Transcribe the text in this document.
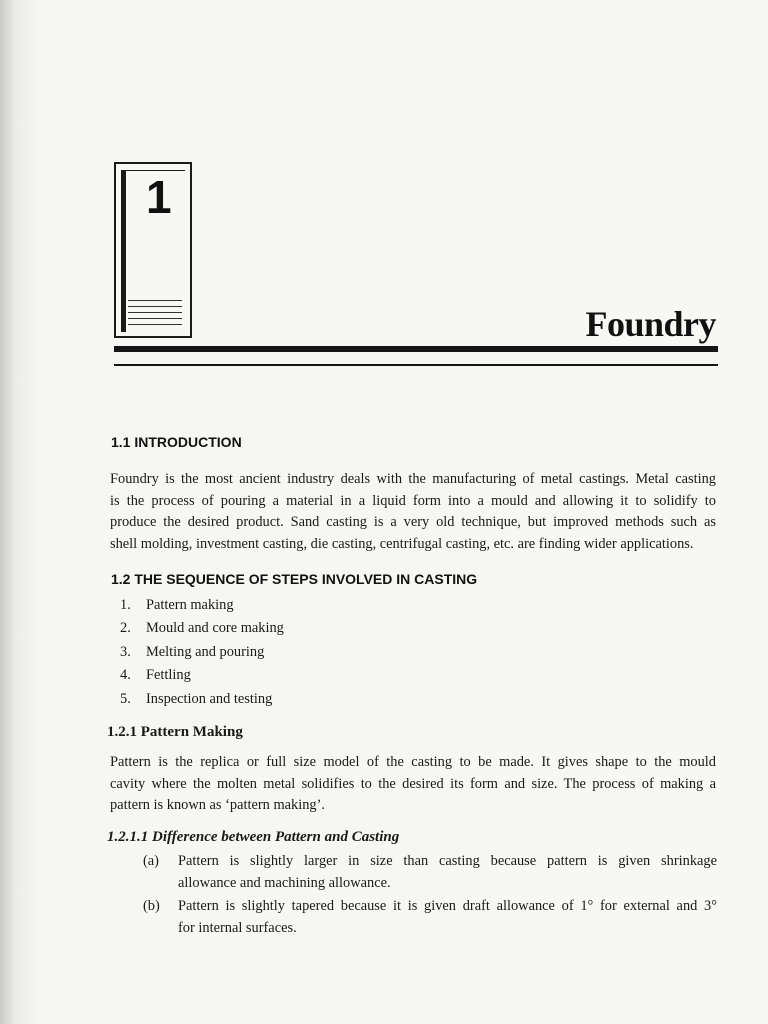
1
Foundry
1.1 INTRODUCTION

Foundry is the most ancient industry deals with the manufacturing of metal castings. Metal casting
is the process of pouring a material in a liquid form into a mould and allowing it to solidify to
produce the desired product. Sand casting is a very old technique, but improved methods such as
shell molding, investment casting, die casting, centrifugal casting, etc. are finding wider applications.

1.2 THE SEQUENCE OF STEPS INVOLVED IN CASTING
1. Pattern making
2. Mould and core making
3. Melting and pouring
4. Fettling
5. Inspection and testing
1.2.1 Pattern Making

Pattern is the replica or full size model of the casting to be made. It gives shape to the mould
cavity where the molten metal solidifies to the desired its form and size. The process of making a
pattern is known as ‘pattern making’.

1.2.1.1 Difference between Pattern and Casting
(a) Pattern is slightly larger in size than casting because pattern is given shrinkage
allowance and machining allowance.
(b) Pattern is slightly tapered because it is given draft allowance of 1° for external and 3°
for internal surfaces.
